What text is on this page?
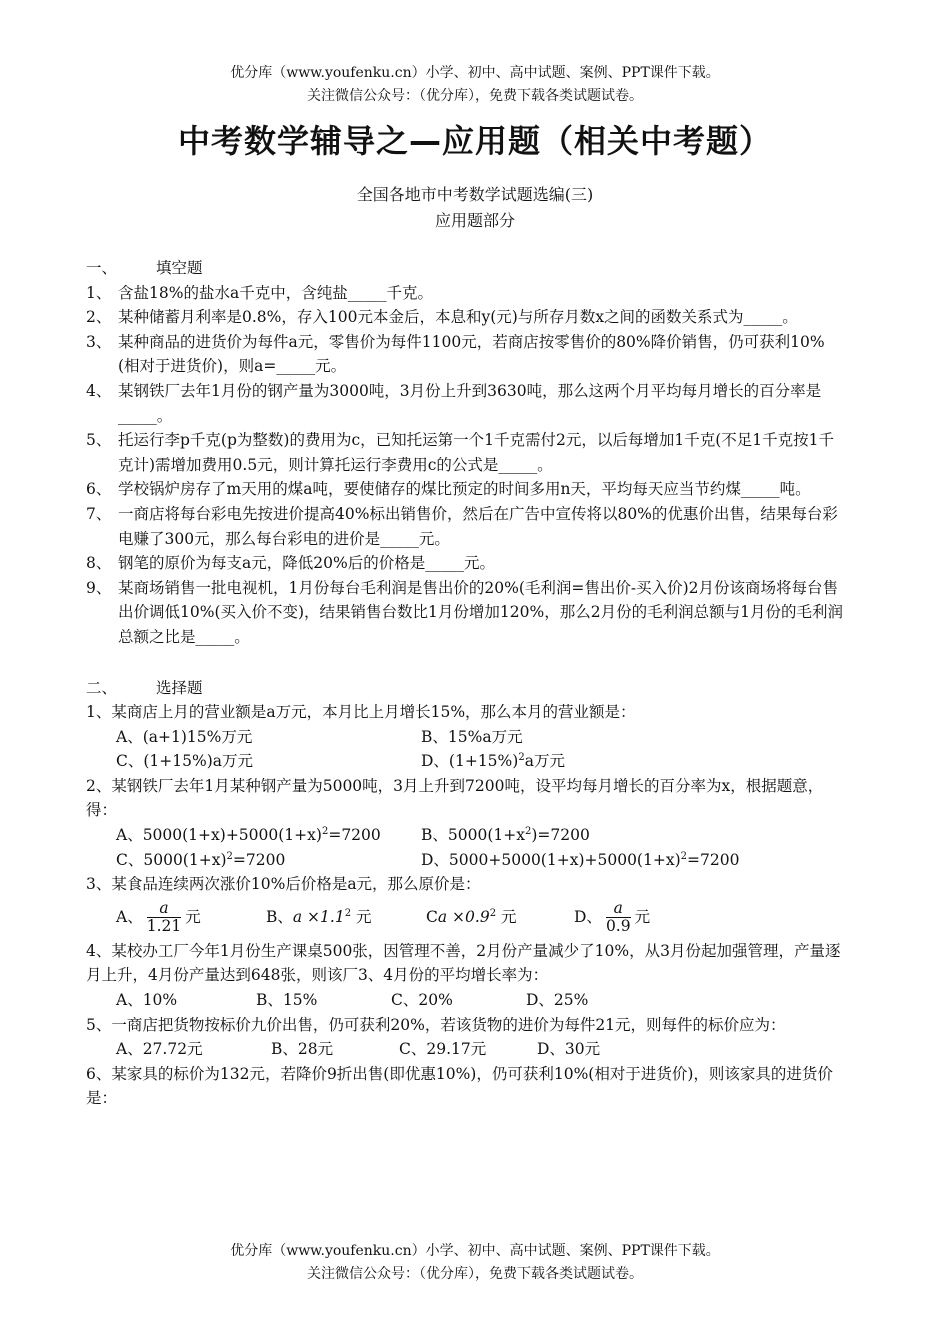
优分库（www.youfenku.cn）小学、初中、高中试题、案例、PPT课件下载。
关注微信公众号：（优分库），免费下载各类试题试卷。
中考数学辅导之—应用题（相关中考题）
全国各地市中考数学试题选编(三)
应用题部分
一、	填空题
1、 含盐18%的盐水a千克中，含纯盐_____千克。
2、 某种储蓄月利率是0.8%，存入100元本金后，本息和y(元)与所存月数x之间的函数关系式为_____。
3、 某种商品的进货价为每件a元，零售价为每件1100元，若商店按零售价的80%降价销售，仍可获利10%(相对于进货价)，则a=_____元。
4、 某钢铁厂去年1月份的钢产量为3000吨，3月份上升到3630吨，那么这两个月平均每月增长的百分率是_____。
5、 托运行李p千克(p为整数)的费用为c，已知托运第一个1千克需付2元，以后每增加1千克(不足1千克按1千克计)需增加费用0.5元，则计算托运行李费用c的公式是_____。
6、 学校锅炉房存了m天用的煤a吨，要使储存的煤比预定的时间多用n天，平均每天应当节约煤_____吨。
7、 一商店将每台彩电先按进价提高40%标出销售价，然后在广告中宣传将以80%的优惠价出售，结果每台彩电赚了300元，那么每台彩电的进价是_____元。
8、 钢笔的原价为每支a元，降低20%后的价格是_____元。
9、 某商场销售一批电视机，1月份每台毛利润是售出价的20%(毛利润=售出价-买入价)2月份该商场将每台售出价调低10%(买入价不变)，结果销售台数比1月份增加120%，那么2月份的毛利润总额与1月份的毛利润总额之比是_____。
二、	选择题
1、某商店上月的营业额是a万元，本月比上月增长15%，那么本月的营业额是：
A、(a+1)15%万元	B、15%a万元
C、(1+15%)a万元	D、$(1+15\%)^2a$万元
2、某钢铁厂去年1月某种钢产量为5000吨，3月上升到7200吨，设平均每月增长的百分率为x，根据题意，得：
A、$5000(1+x)+5000(1+x)^2=7200$	B、$5000(1+x^2)=7200$
C、$5000(1+x)^2=7200$	D、$5000+5000(1+x)+5000(1+x)^2=7200$
3、某食品连续两次涨价10%后价格是a元，那么原价是：
A、 $\frac{a}{1.21}$ 元	B、$a \times 1.1^2$ 元	$Ca \times 0.9^2$ 元	D、 $\frac{a}{0.9}$ 元
4、某校办工厂今年1月份生产课桌500张，因管理不善，2月份产量减少了10%，从3月份起加强管理，产量逐月上升，4月份产量达到648张，则该厂3、4月份的平均增长率为：
A、10%	B、15%	C、20%	D、25%
5、一商店把货物按标价九价出售，仍可获利20%，若该货物的进价为每件21元，则每件的标价应为：
A、27.72元	B、28元	C、29.17元	D、30元
6、某家具的标价为132元，若降价9折出售(即优惠10%)，仍可获利10%(相对于进货价)，则该家具的进货价是：
优分库（www.youfenku.cn）小学、初中、高中试题、案例、PPT课件下载。
关注微信公众号：（优分库），免费下载各类试题试卷。
